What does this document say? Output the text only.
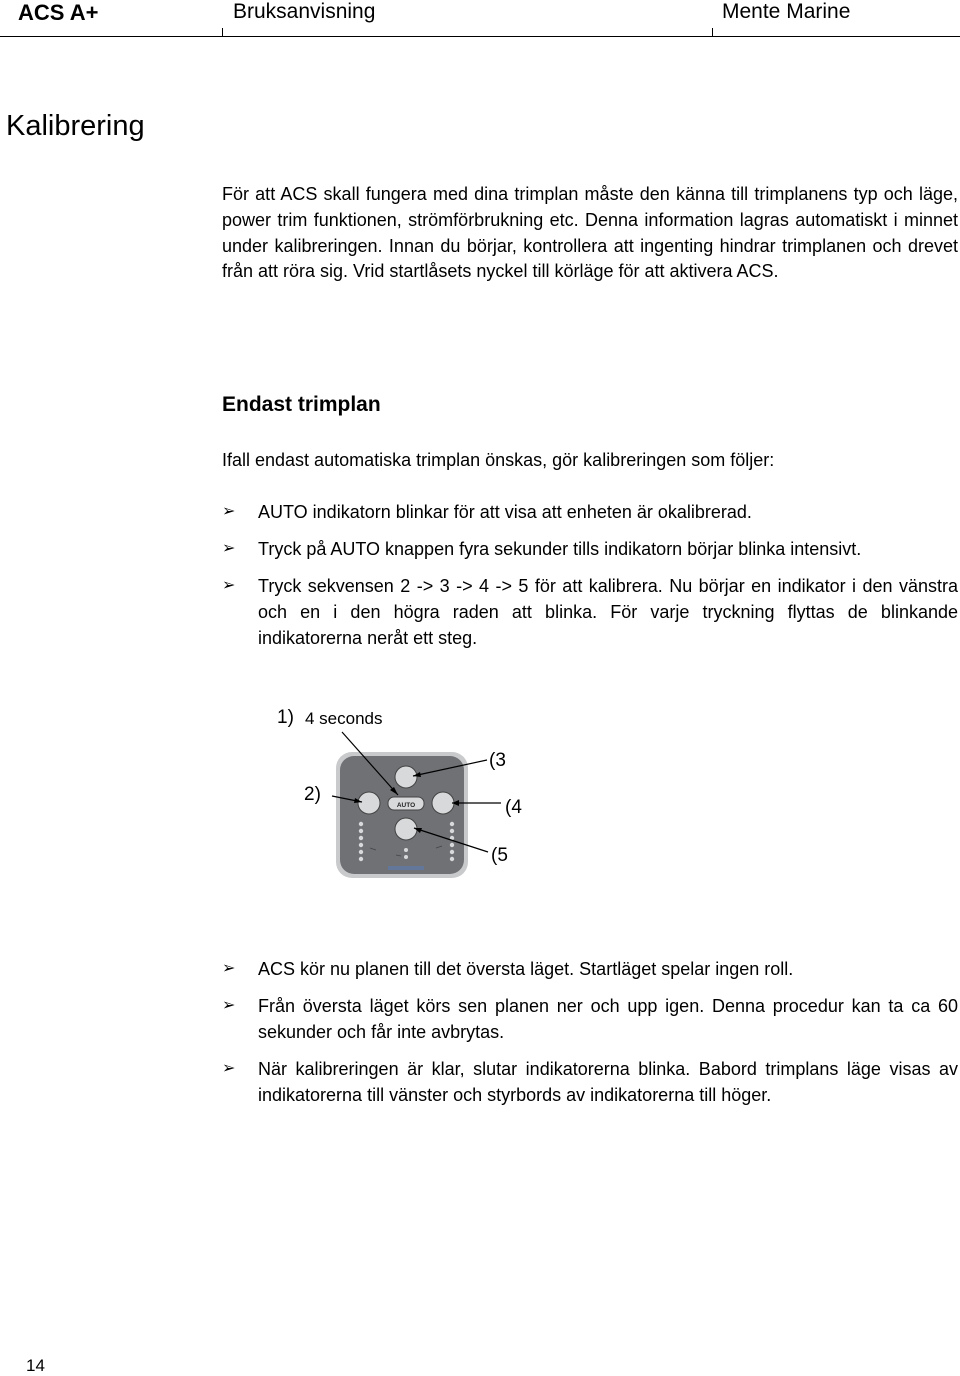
ACS A+	Bruksanvisning	Mente Marine
Kalibrering

För att ACS skall fungera med dina trimplan måste den känna till trimplanens typ och läge, power trim funktionen, strömförbrukning etc. Denna information lagras automatiskt i minnet under kalibreringen. Innan du börjar, kontrollera att ingenting hindrar trimplanen och drevet från att röra sig. Vrid startlåsets nyckel till körläge för att aktivera ACS.

Endast trimplan
Ifall endast automatiska trimplan önskas, gör kalibreringen som följer:
➢ AUTO indikatorn blinkar för att visa att enheten är okalibrerad.
➢ Tryck på AUTO knappen fyra sekunder tills indikatorn börjar blinka intensivt.
➢ Tryck sekvensen 2 -> 3 -> 4 -> 5 för att kalibrera. Nu börjar en indikator i den vänstra och en i den högra raden att blinka. För varje tryckning flyttas de blinkande indikatorerna neråt ett steg.
AUTO
1) 4 seconds
2)
(3
(4
(5
➢ ACS kör nu planen till det översta läget. Startläget spelar ingen roll.
➢ Från översta läget körs sen planen ner och upp igen. Denna procedur kan ta ca 60 sekunder och får inte avbrytas.
➢ När kalibreringen är klar, slutar indikatorerna blinka. Babord trimplans läge visas av indikatorerna till vänster och styrbords av indikatorerna till höger.
14
